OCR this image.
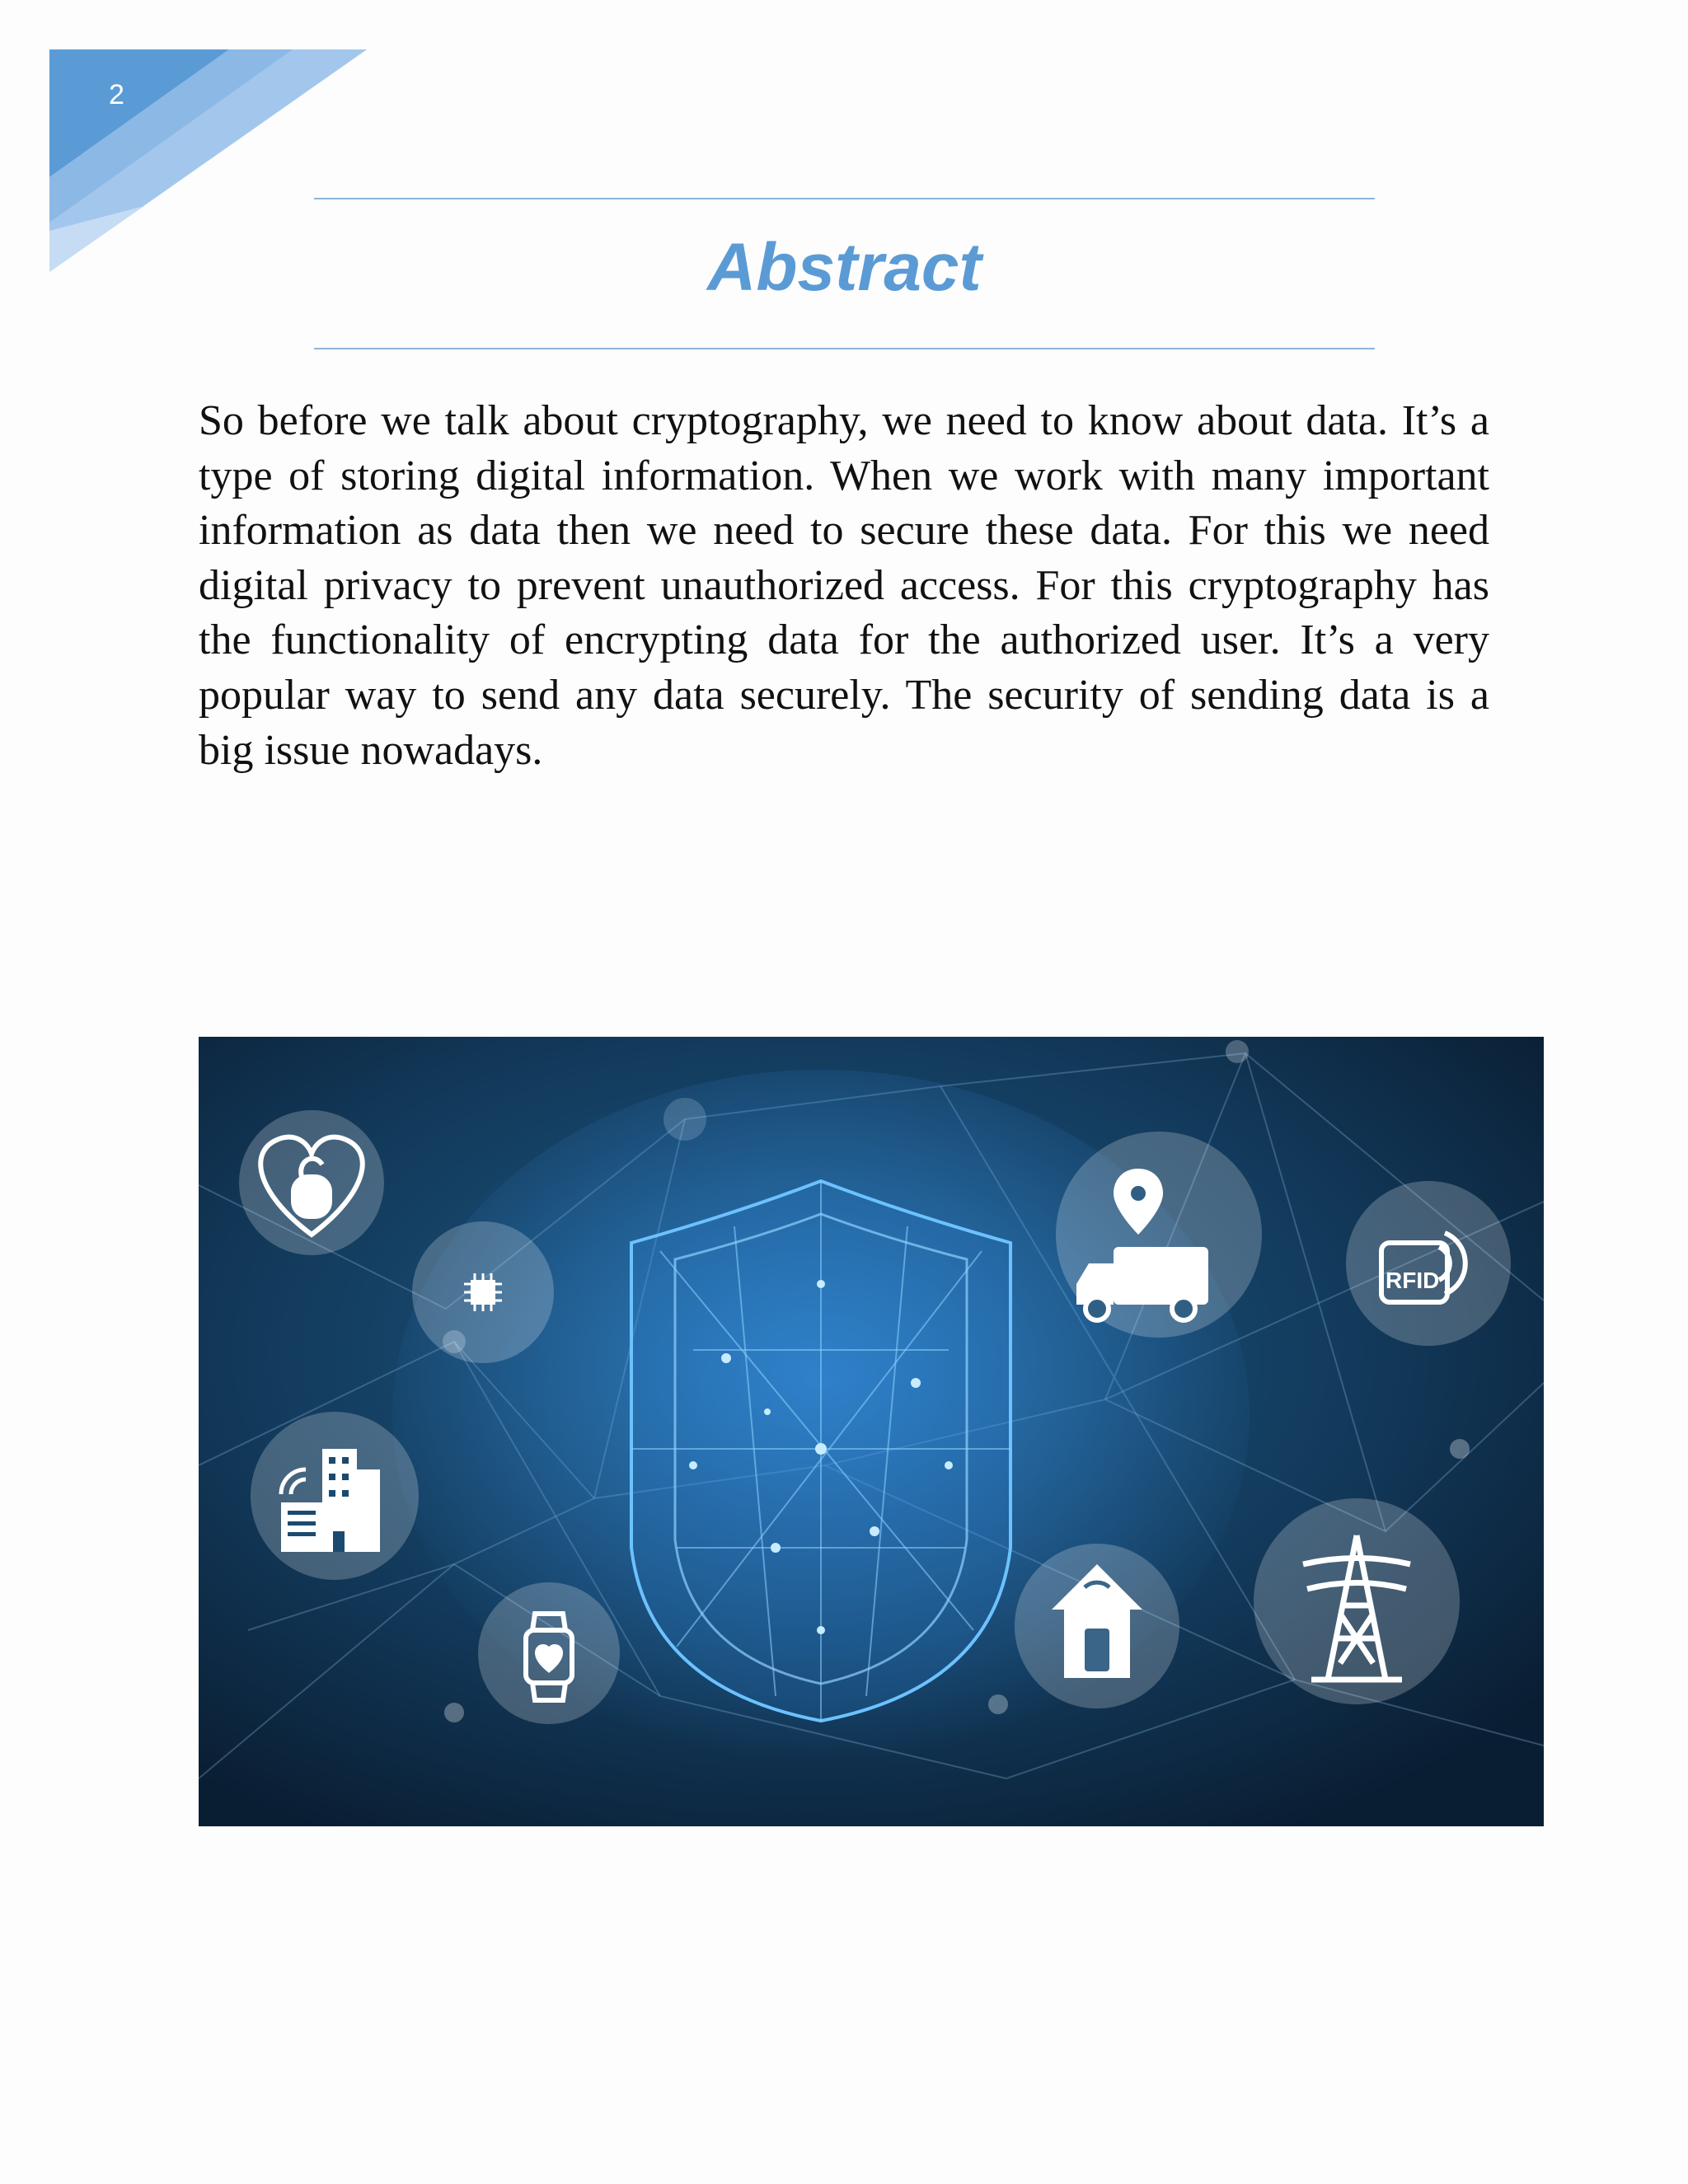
2
Abstract

So before we talk about cryptography, we need to know about data. It’s a type of storing digital information. When we work with many important information as data then we need to secure these data. For this we need digital privacy to prevent unauthorized access. For this cryptography has the functionality of encrypting data for the authorized user. It’s a very popular way to send any data securely. The security of sending data is a big issue nowadays.

RFID
